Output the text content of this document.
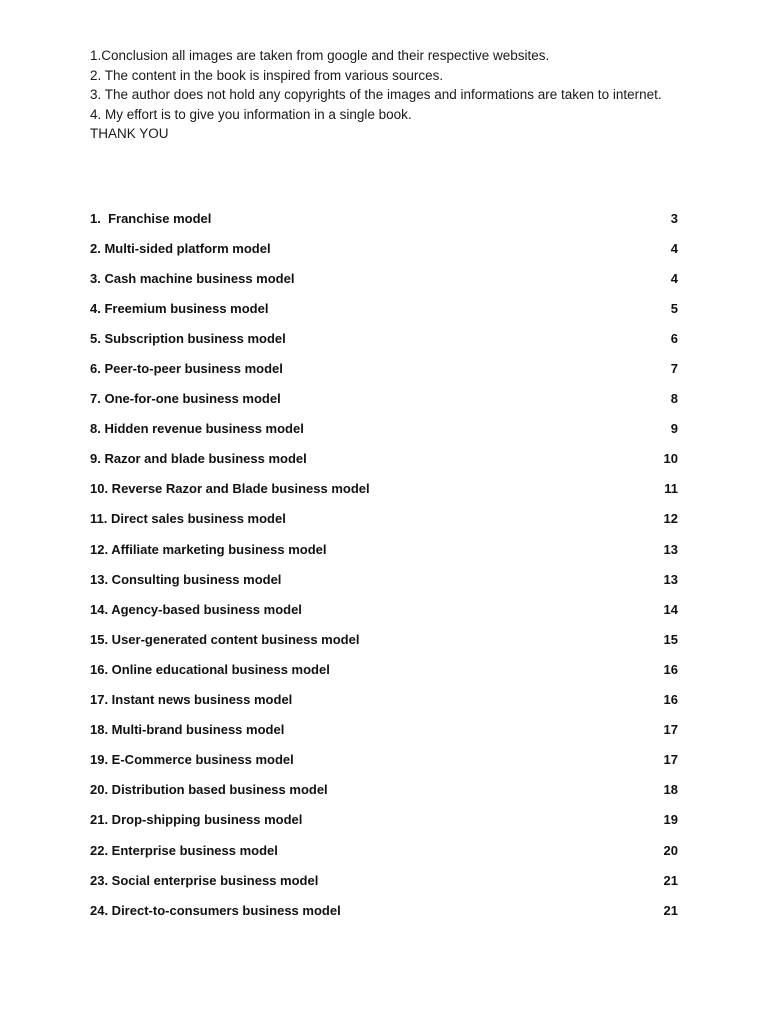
1.Conclusion all images are taken from google and their respective websites.

2. The content in the book is inspired from various sources.

3. The author does not hold any copyrights of the images and informations are taken to internet.

4. My effort is to give you information in a single book.

THANK YOU

1.  Franchise model	3
2. Multi-sided platform model	4
3. Cash machine business model	4
4. Freemium business model	5
5. Subscription business model	6
6. Peer-to-peer business model	7
7. One-for-one business model	8
8. Hidden revenue business model	9
9. Razor and blade business model	10
10. Reverse Razor and Blade business model	11
11. Direct sales business model	12
12. Affiliate marketing business model	13
13. Consulting business model	13
14. Agency-based business model	14
15. User-generated content business model	15
16. Online educational business model	16
17. Instant news business model	16
18. Multi-brand business model	17
19. E-Commerce business model	17
20. Distribution based business model	18
21. Drop-shipping business model	19
22. Enterprise business model	20
23. Social enterprise business model	21
24. Direct-to-consumers business model	21
